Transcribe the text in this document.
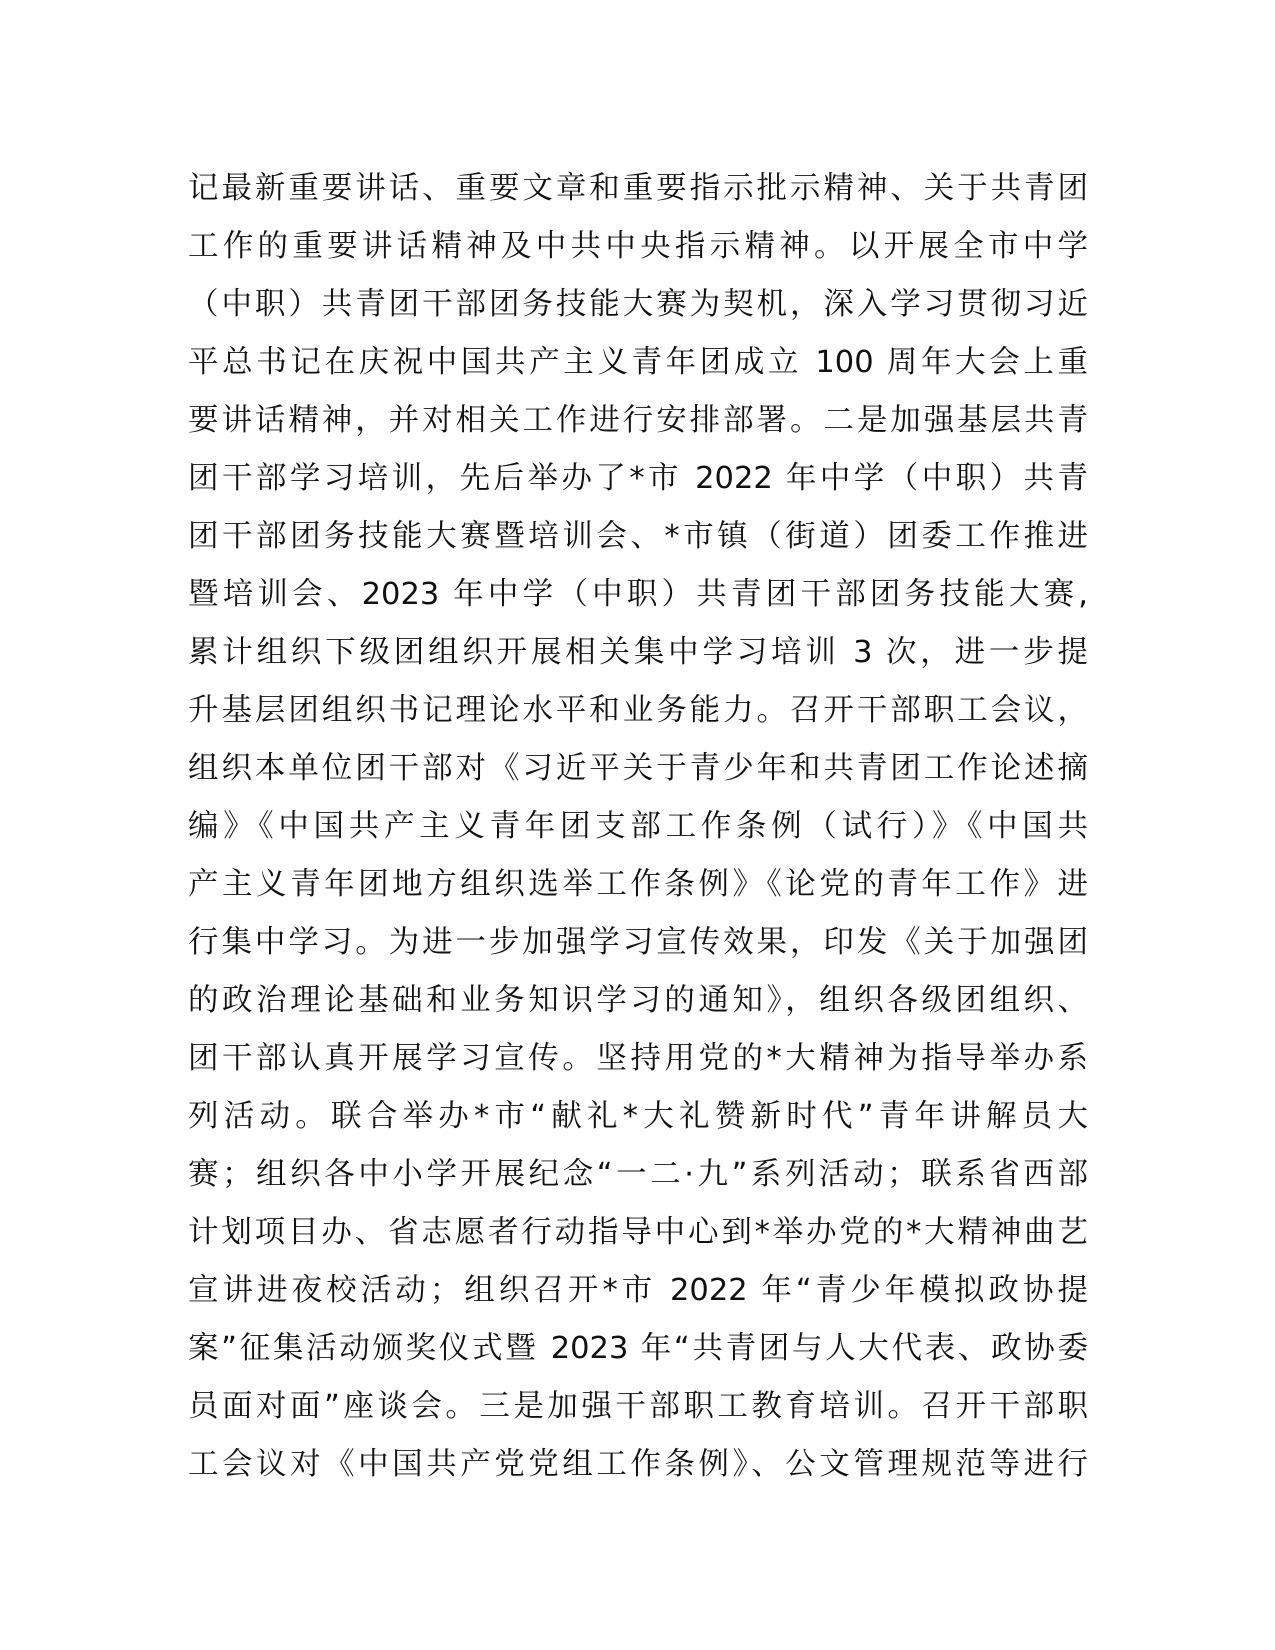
记最新重要讲话、重要文章和重要指示批示精神、关于共青团
工作的重要讲话精神及中共中央指示精神。以开展全市中学
（中职）共青团干部团务技能大赛为契机，深入学习贯彻习近
平总书记在庆祝中国共产主义青年团成立 100 周年大会上重
要讲话精神，并对相关工作进行安排部署。二是加强基层共青
团干部学习培训，先后举办了*市 2022 年中学（中职）共青
团干部团务技能大赛暨培训会、*市镇（街道）团委工作推进
暨培训会、2023 年中学（中职）共青团干部团务技能大赛,
累计组织下级团组织开展相关集中学习培训 3 次，进一步提
升基层团组织书记理论水平和业务能力。召开干部职工会议，
组织本单位团干部对《习近平关于青少年和共青团工作论述摘
编》《中国共产主义青年团支部工作条例（试行）》《中国共
产主义青年团地方组织选举工作条例》《论党的青年工作》进
行集中学习。为进一步加强学习宣传效果，印发《关于加强团
的政治理论基础和业务知识学习的通知》，组织各级团组织、
团干部认真开展学习宣传。坚持用党的*大精神为指导举办系
列活动。联合举办*市“献礼*大礼赞新时代”青年讲解员大
赛；组织各中小学开展纪念“一二·九”系列活动；联系省西部
计划项目办、省志愿者行动指导中心到*举办党的*大精神曲艺
宣讲进夜校活动；组织召开*市 2022 年“青少年模拟政协提
案”征集活动颁奖仪式暨 2023 年“共青团与人大代表、政协委
员面对面”座谈会。三是加强干部职工教育培训。召开干部职
工会议对《中国共产党党组工作条例》、公文管理规范等进行
